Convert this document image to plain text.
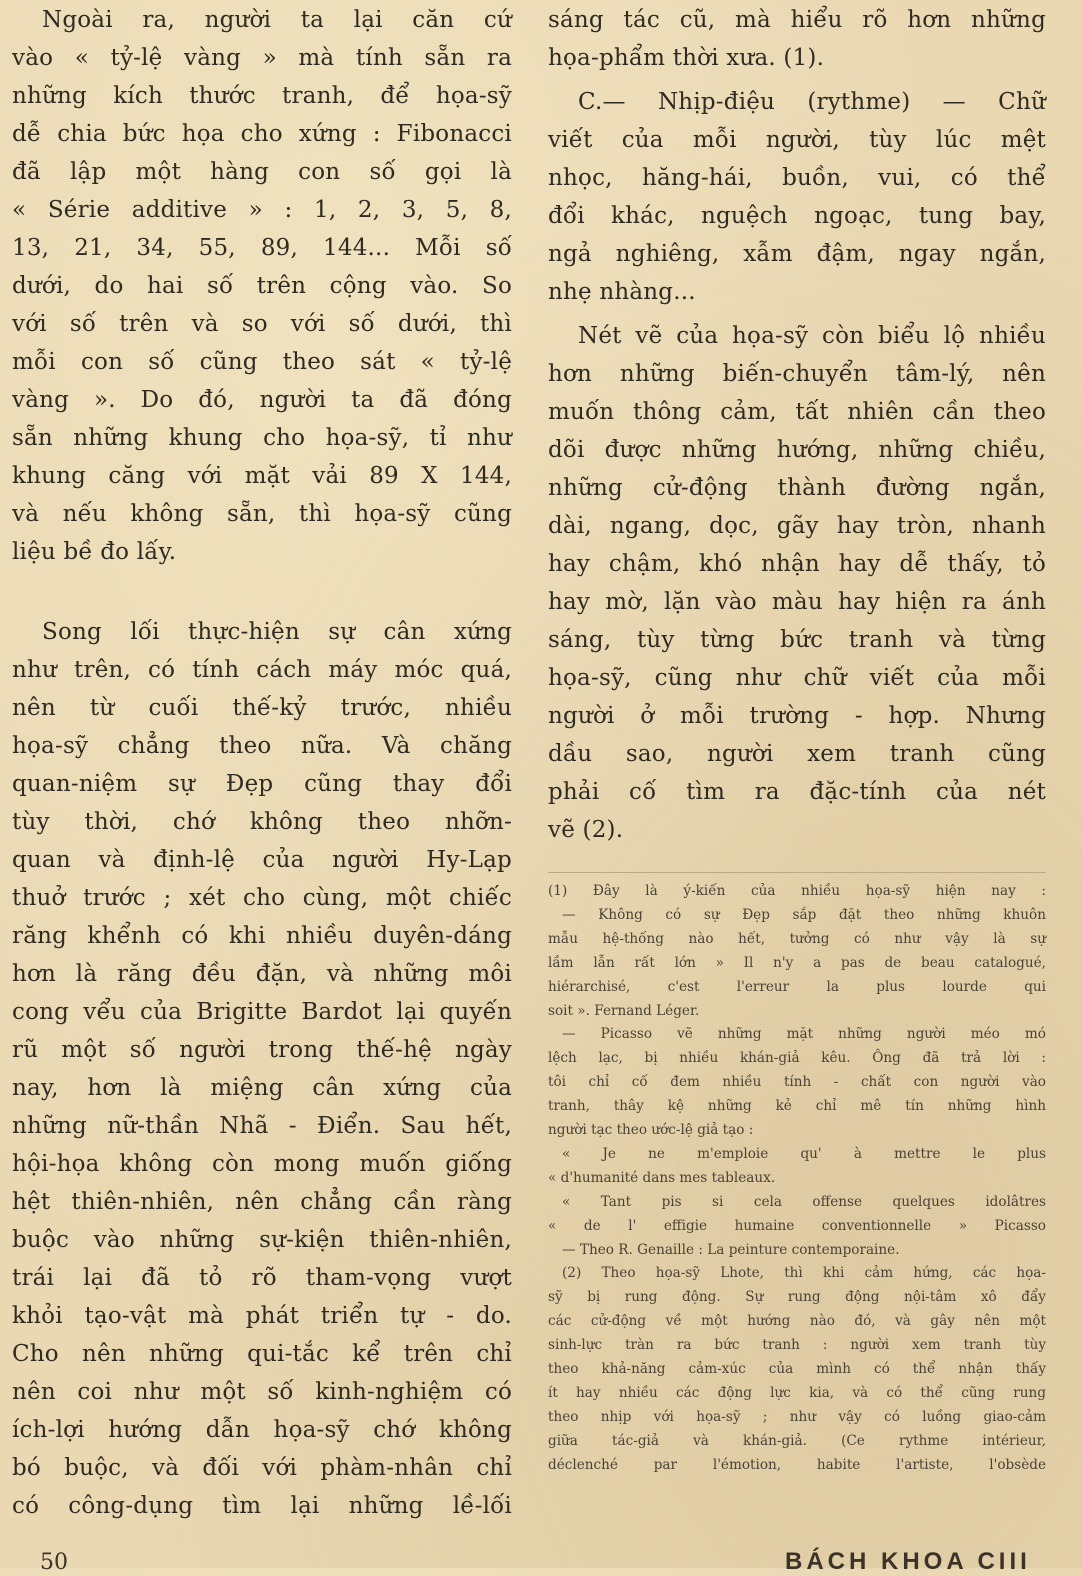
Ngoài ra, người ta lại căn cứ
vào « tỷ-lệ vàng » mà tính sẵn ra
những kích thước tranh, để họa-sỹ
dễ chia bức họa cho xứng : Fibonacci
đã lập một hàng con số gọi là
« Série additive » : 1, 2, 3, 5, 8,
13, 21, 34, 55, 89, 144... Mỗi số
dưới, do hai số trên cộng vào. So
với số trên và so với số dưới, thì
mỗi con số cũng theo sát « tỷ-lệ
vàng ». Do đó, người ta đã đóng
sẵn những khung cho họa-sỹ, tỉ như
khung căng với mặt vải 89 X 144,
và nếu không sẵn, thì họa-sỹ cũng
liệu bề đo lấy.
Song lối thực-hiện sự cân xứng
như trên, có tính cách máy móc quá,
nên từ cuối thế-kỷ trước, nhiều
họa-sỹ chẳng theo nữa. Và chăng
quan-niệm sự Đẹp cũng thay đổi
tùy thời, chớ không theo nhỡn-
quan và định-lệ của người Hy-Lạp
thuở trước ; xét cho cùng, một chiếc
răng khểnh có khi nhiều duyên-dáng
hơn là răng đều đặn, và những môi
cong vểu của Brigitte Bardot lại quyến
rũ một số người trong thế-hệ ngày
nay, hơn là miệng cân xứng của
những nữ-thần Nhã - Điển. Sau hết,
hội-họa không còn mong muốn giống
hệt thiên-nhiên, nên chẳng cần ràng
buộc vào những sự-kiện thiên-nhiên,
trái lại đã tỏ rõ tham-vọng vượt
khỏi tạo-vật mà phát triển tự - do.
Cho nên những qui-tắc kể trên chỉ
nên coi như một số kinh-nghiệm có
ích-lợi hướng dẫn họa-sỹ chớ không
bó buộc, và đối với phàm-nhân chỉ
có công-dụng tìm lại những lề-lối
sáng tác cũ, mà hiểu rõ hơn những
họa-phẩm thời xưa. (1).
C.— Nhịp-điệu (rythme) — Chữ
viết của mỗi người, tùy lúc mệt
nhọc, hăng-hái, buồn, vui, có thể
đổi khác, nguệch ngoạc, tung bay,
ngả nghiêng, xẫm đậm, ngay ngắn,
nhẹ nhàng...
Nét vẽ của họa-sỹ còn biểu lộ nhiều
hơn những biến-chuyển tâm-lý, nên
muốn thông cảm, tất nhiên cần theo
dõi được những hướng, những chiều,
những cử-động thành đường ngắn,
dài, ngang, dọc, gãy hay tròn, nhanh
hay chậm, khó nhận hay dễ thấy, tỏ
hay mờ, lặn vào màu hay hiện ra ánh
sáng, tùy từng bức tranh và từng
họa-sỹ, cũng như chữ viết của mỗi
người ở mỗi trường - hợp. Nhưng
dầu sao, người xem tranh cũng
phải cố tìm ra đặc-tính của nét
vẽ (2).
(1) Đây là ý-kiến của nhiều họa-sỹ hiện nay :
— Không có sự Đẹp sắp đặt theo những khuôn
mẫu hệ-thống nào hết, tưởng có như vậy là sự
lầm lẫn rất lớn » Il n'y a pas de beau catalogué,
hiérarchisé, c'est l'erreur la plus lourde qui
soit ». Fernand Léger.
— Picasso vẽ những mặt những người méo mó
lệch lạc, bị nhiều khán-giả kêu. Ông đã trả lời :
tôi chỉ cố đem nhiều tính - chất con người vào
tranh, thây kệ những kẻ chỉ mê tín những hình
người tạc theo ước-lệ giả tạo :
« Je ne m'emploie qu' à mettre le plus
« d'humanité dans mes tableaux.
« Tant pis si cela offense quelques idolâtres
« de l' effigie humaine conventionnelle » Picasso
— Theo R. Genaille : La peinture contemporaine.
(2) Theo họa-sỹ Lhote, thì khi cảm hứng, các họa-
sỹ bị rung động. Sự rung động nội-tâm xô đẩy
các cử-động về một hướng nào đó, và gây nên một
sinh-lực tràn ra bức tranh : người xem tranh tùy
theo khả-năng cảm-xúc của mình có thể nhận thấy
ít hay nhiều các động lực kia, và có thể cũng rung
theo nhịp với họa-sỹ ; như vậy có luồng giao-cảm
giữa tác-giả và khán-giả. (Ce rythme intérieur,
déclenché par l'émotion, habite l'artiste, l'obsède
50	BÁCH KHOA CIII
